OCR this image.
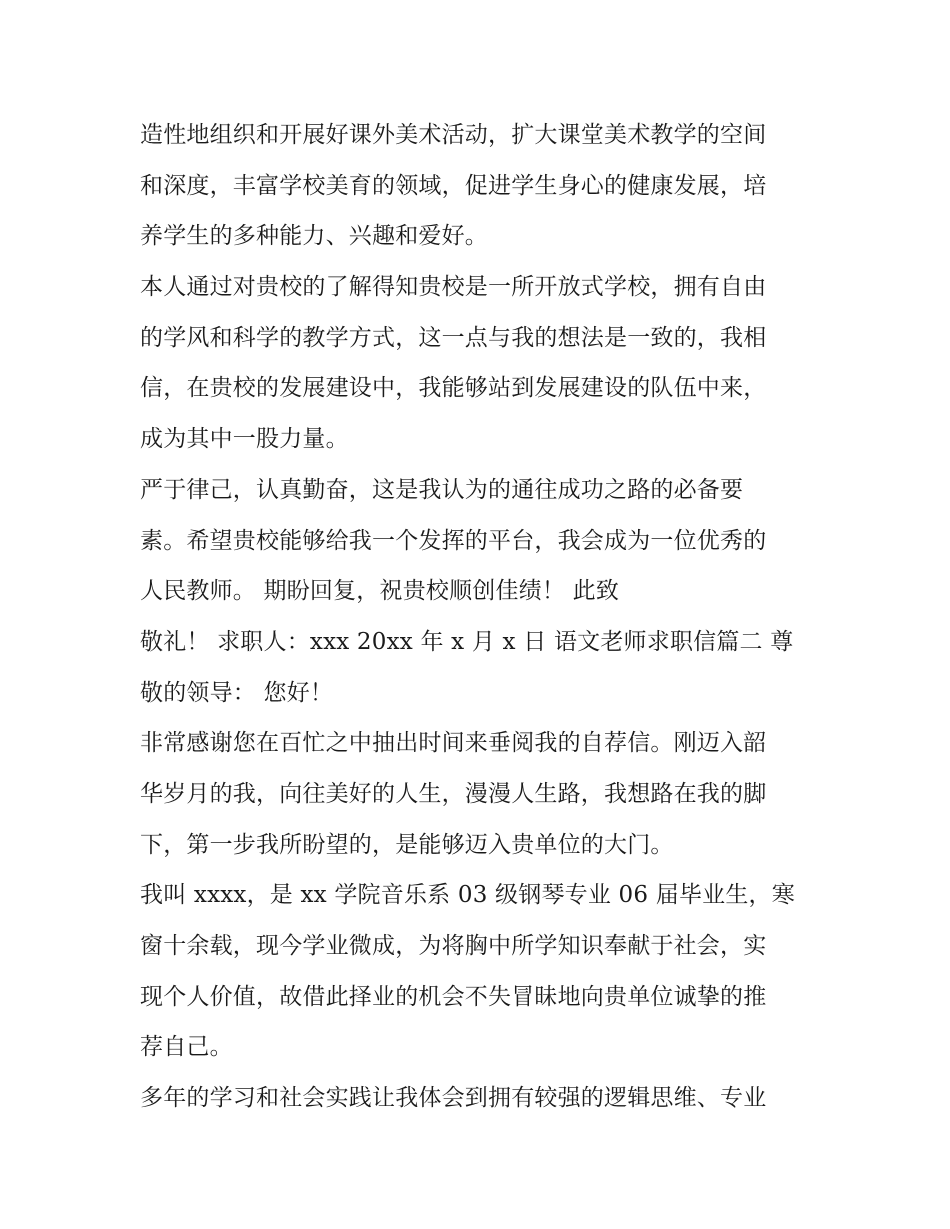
造性地组织和开展好课外美术活动，扩大课堂美术教学的空间
和深度，丰富学校美育的领域，促进学生身心的健康发展，培
养学生的多种能力、兴趣和爱好。
本人通过对贵校的了解得知贵校是一所开放式学校，拥有自由
的学风和科学的教学方式，这一点与我的想法是一致的，我相
信，在贵校的发展建设中，我能够站到发展建设的队伍中来，
成为其中一股力量。
严于律己，认真勤奋，这是我认为的通往成功之路的必备要
素。希望贵校能够给我一个发挥的平台，我会成为一位优秀的
人民教师。 期盼回复，祝贵校顺创佳绩！ 此致
敬礼！ 求职人：xxx 20xx 年 x 月 x 日 语文老师求职信篇二 尊
敬的领导： 您好！
非常感谢您在百忙之中抽出时间来垂阅我的自荐信。刚迈入韶
华岁月的我，向往美好的人生，漫漫人生路，我想路在我的脚
下，第一步我所盼望的，是能够迈入贵单位的大门。
我叫 xxxx，是 xx 学院音乐系 03 级钢琴专业 06 届毕业生，寒
窗十余载，现今学业微成，为将胸中所学知识奉献于社会，实
现个人价值，故借此择业的机会不失冒昧地向贵单位诚挚的推
荐自己。
多年的学习和社会实践让我体会到拥有较强的逻辑思维、专业
